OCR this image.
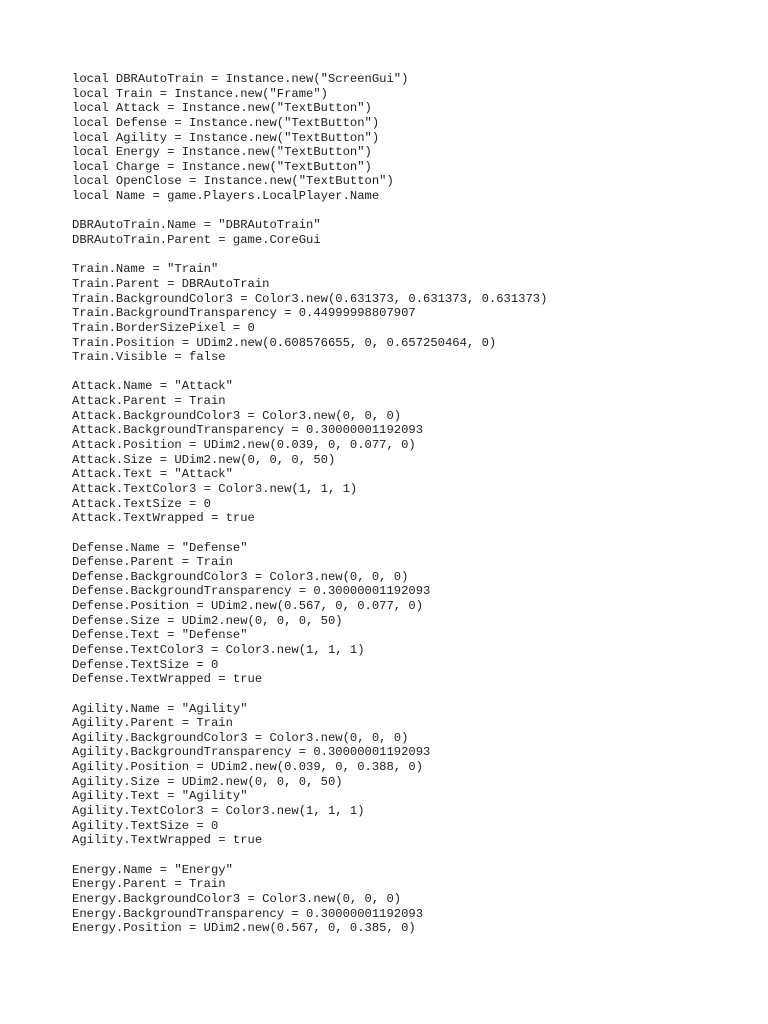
local DBRAutoTrain = Instance.new("ScreenGui")
local Train = Instance.new("Frame")
local Attack = Instance.new("TextButton")
local Defense = Instance.new("TextButton")
local Agility = Instance.new("TextButton")
local Energy = Instance.new("TextButton")
local Charge = Instance.new("TextButton")
local OpenClose = Instance.new("TextButton")
local Name = game.Players.LocalPlayer.Name
DBRAutoTrain.Name = "DBRAutoTrain"
DBRAutoTrain.Parent = game.CoreGui
Train.Name = "Train"
Train.Parent = DBRAutoTrain
Train.BackgroundColor3 = Color3.new(0.631373, 0.631373, 0.631373)
Train.BackgroundTransparency = 0.44999998807907
Train.BorderSizePixel = 0
Train.Position = UDim2.new(0.608576655, 0, 0.657250464, 0)
Train.Visible = false
Attack.Name = "Attack"
Attack.Parent = Train
Attack.BackgroundColor3 = Color3.new(0, 0, 0)
Attack.BackgroundTransparency = 0.30000001192093
Attack.Position = UDim2.new(0.039, 0, 0.077, 0)
Attack.Size = UDim2.new(0, 0, 0, 50)
Attack.Text = "Attack"
Attack.TextColor3 = Color3.new(1, 1, 1)
Attack.TextSize = 0
Attack.TextWrapped = true
Defense.Name = "Defense"
Defense.Parent = Train
Defense.BackgroundColor3 = Color3.new(0, 0, 0)
Defense.BackgroundTransparency = 0.30000001192093
Defense.Position = UDim2.new(0.567, 0, 0.077, 0)
Defense.Size = UDim2.new(0, 0, 0, 50)
Defense.Text = "Defense"
Defense.TextColor3 = Color3.new(1, 1, 1)
Defense.TextSize = 0
Defense.TextWrapped = true
Agility.Name = "Agility"
Agility.Parent = Train
Agility.BackgroundColor3 = Color3.new(0, 0, 0)
Agility.BackgroundTransparency = 0.30000001192093
Agility.Position = UDim2.new(0.039, 0, 0.388, 0)
Agility.Size = UDim2.new(0, 0, 0, 50)
Agility.Text = "Agility"
Agility.TextColor3 = Color3.new(1, 1, 1)
Agility.TextSize = 0
Agility.TextWrapped = true
Energy.Name = "Energy"
Energy.Parent = Train
Energy.BackgroundColor3 = Color3.new(0, 0, 0)
Energy.BackgroundTransparency = 0.30000001192093
Energy.Position = UDim2.new(0.567, 0, 0.385, 0)
